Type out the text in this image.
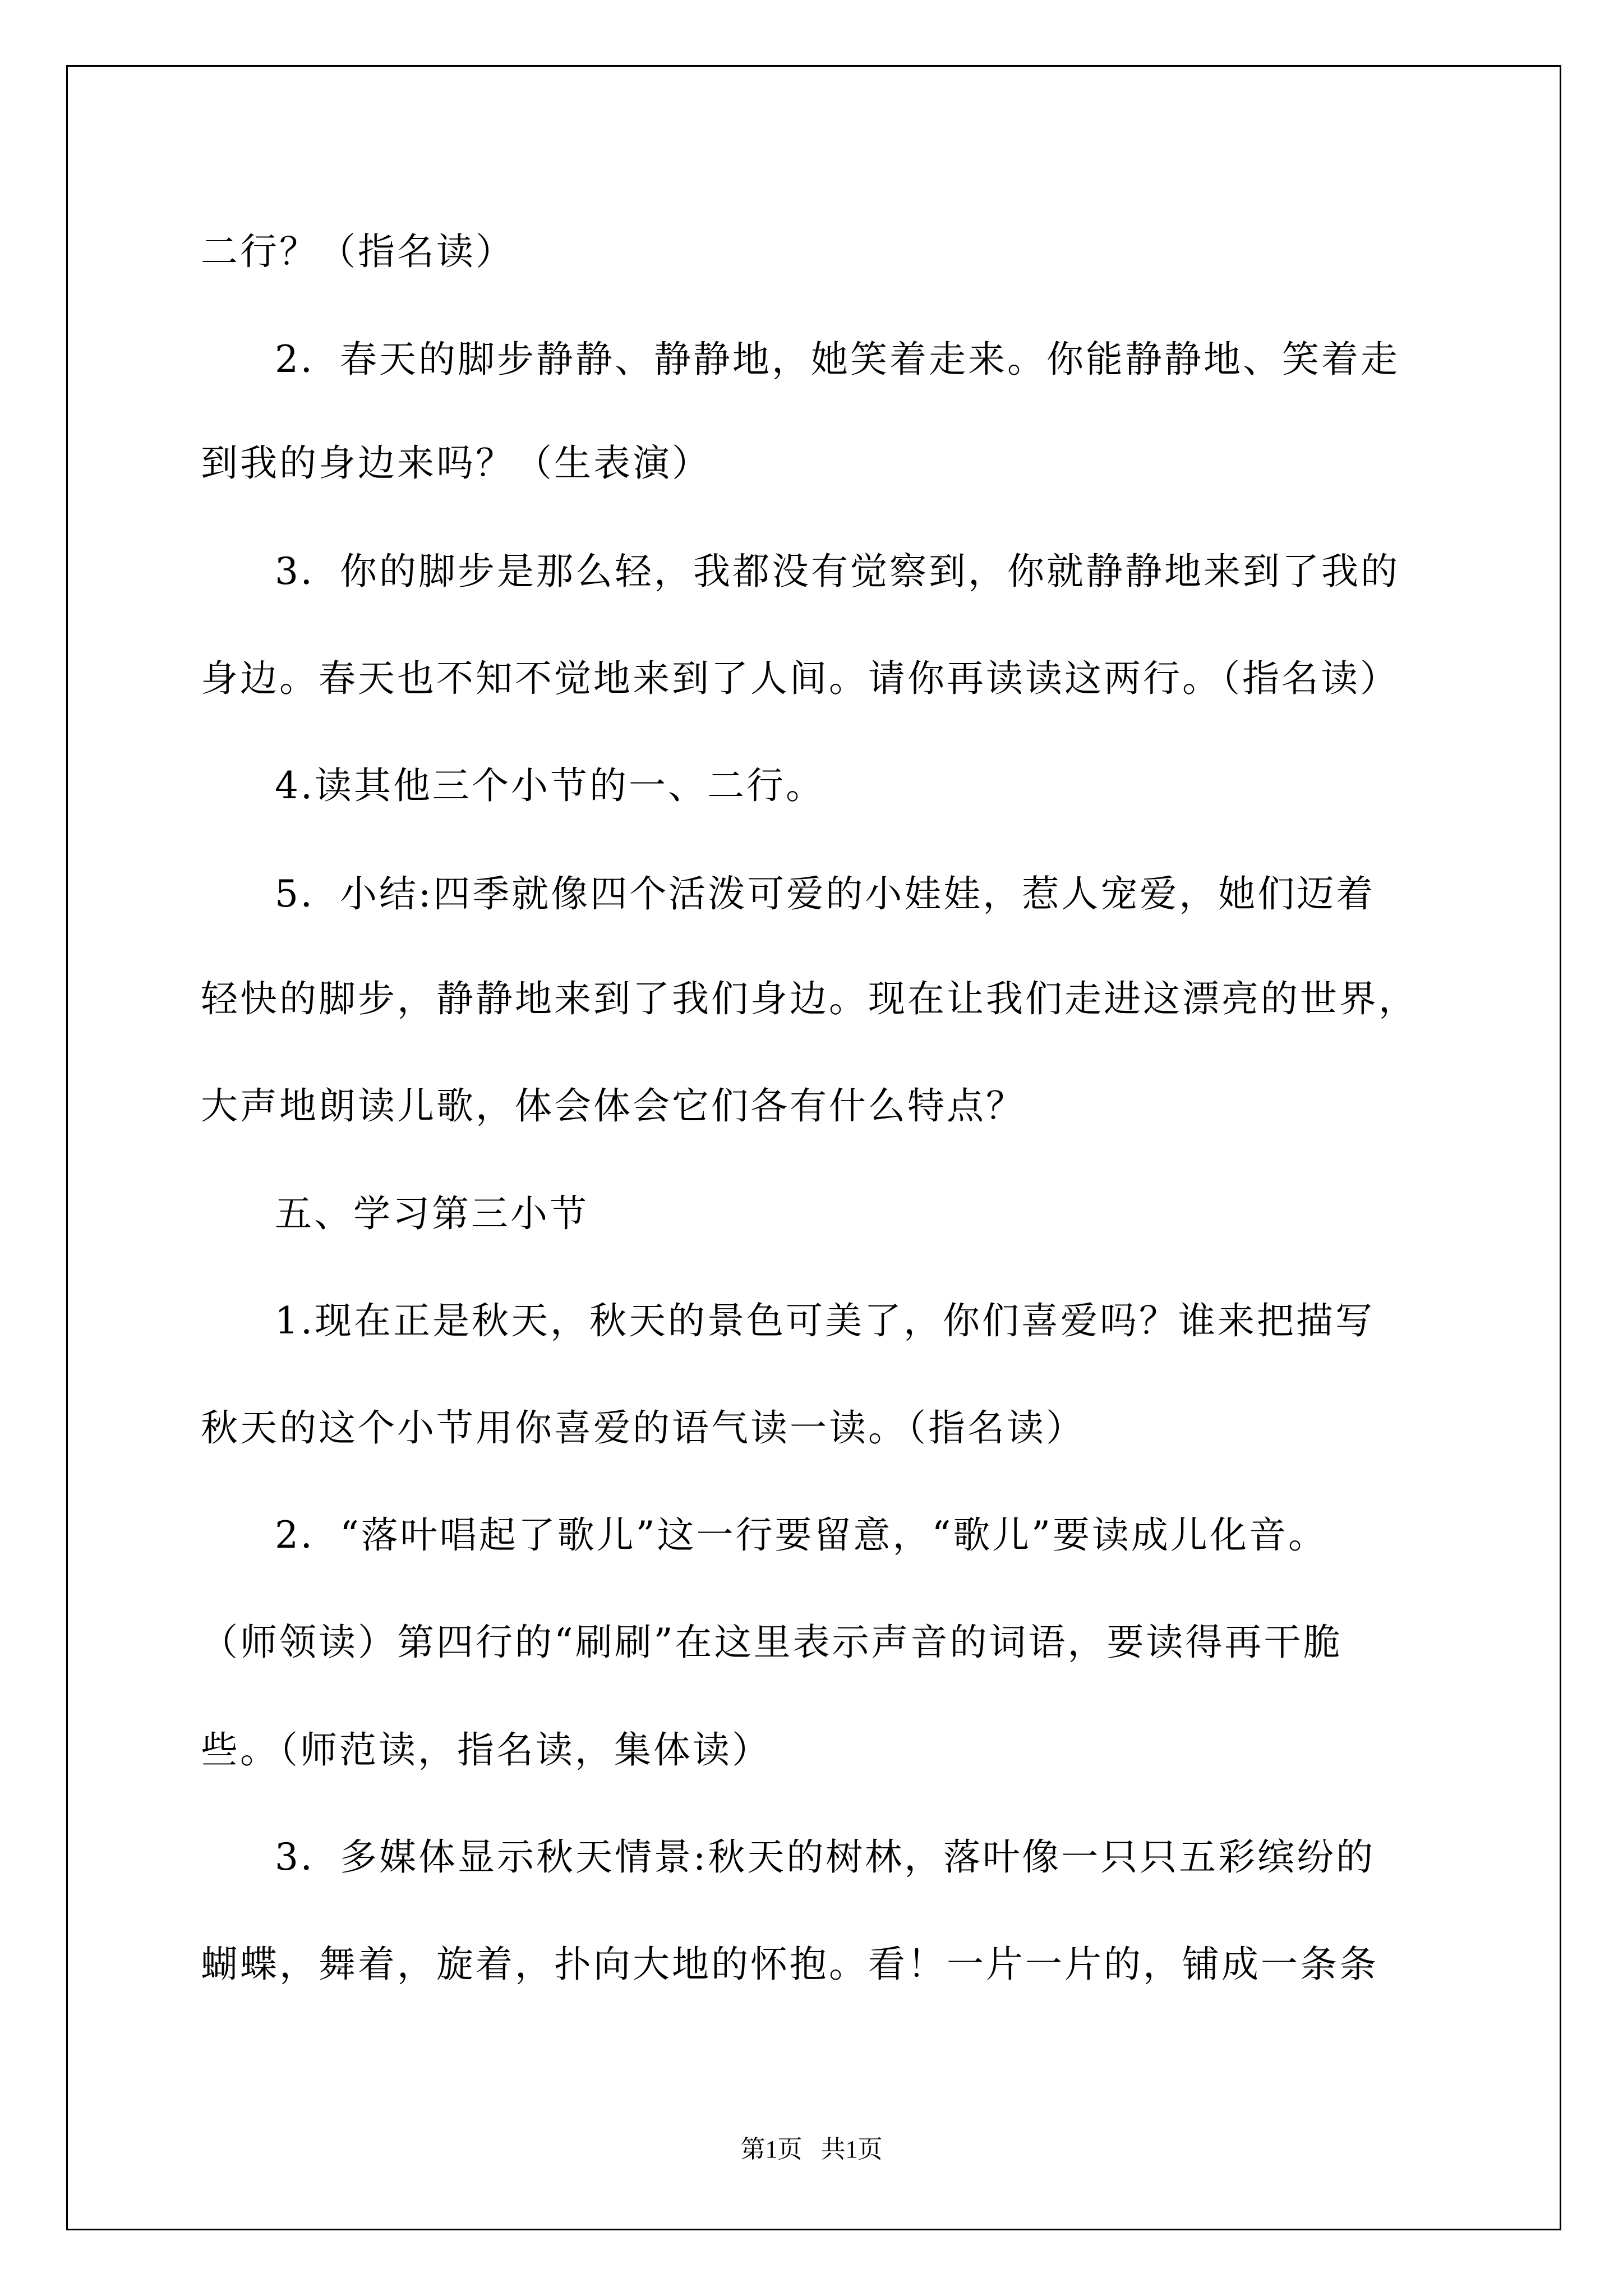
二行？（指名读）
2．春天的脚步静静、静静地，她笑着走来。你能静静地、笑着走
到我的身边来吗？（生表演）
3．你的脚步是那么轻，我都没有觉察到，你就静静地来到了我的
身边。春天也不知不觉地来到了人间。请你再读读这两行。（指名读）
4.读其他三个小节的一、二行。
5．小结:四季就像四个活泼可爱的小娃娃，惹人宠爱，她们迈着
轻快的脚步，静静地来到了我们身边。现在让我们走进这漂亮的世界，
大声地朗读儿歌，体会体会它们各有什么特点？
五、学习第三小节
1.现在正是秋天，秋天的景色可美了，你们喜爱吗？谁来把描写
秋天的这个小节用你喜爱的语气读一读。（指名读）
2．“落叶唱起了歌儿”这一行要留意，“歌儿”要读成儿化音。
（师领读）第四行的“刷刷”在这里表示声音的词语，要读得再干脆
些。（师范读，指名读，集体读）
3．多媒体显示秋天情景:秋天的树林，落叶像一只只五彩缤纷的
蝴蝶，舞着，旋着，扑向大地的怀抱。看！一片一片的，铺成一条条
第1页   共1页
